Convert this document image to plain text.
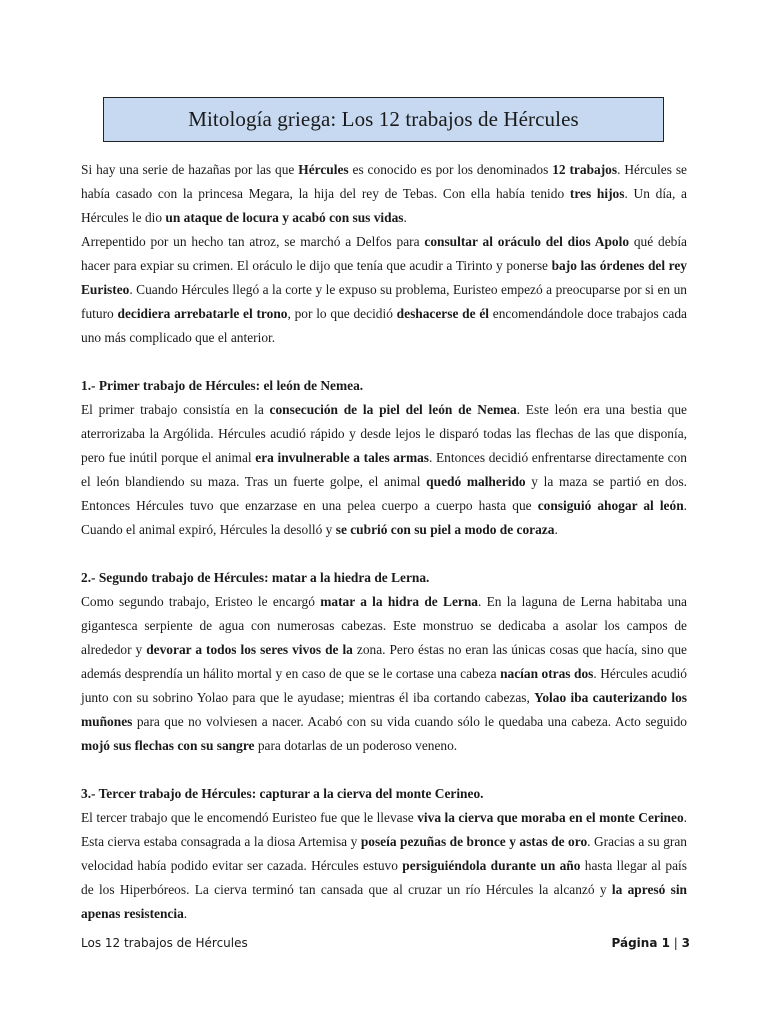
Mitología griega: Los 12 trabajos de Hércules

Si hay una serie de hazañas por las que Hércules es conocido es por los denominados 12 trabajos. Hércules se había casado con la princesa Megara, la hija del rey de Tebas. Con ella había tenido tres hijos. Un día, a Hércules le dio un ataque de locura y acabó con sus vidas.

Arrepentido por un hecho tan atroz, se marchó a Delfos para consultar al oráculo del dios Apolo qué debía hacer para expiar su crimen. El oráculo le dijo que tenía que acudir a Tirinto y ponerse bajo las órdenes del rey Euristeo. Cuando Hércules llegó a la corte y le expuso su problema, Euristeo empezó a preocuparse por si en un futuro decidiera arrebatarle el trono, por lo que decidió deshacerse de él encomendándole doce trabajos cada uno más complicado que el anterior.

1.- Primer trabajo de Hércules: el león de Nemea.

El primer trabajo consistía en la consecución de la piel del león de Nemea. Este león era una bestia que aterrorizaba la Argólida. Hércules acudió rápido y desde lejos le disparó todas las flechas de las que disponía, pero fue inútil porque el animal era invulnerable a tales armas. Entonces decidió enfrentarse directamente con el león blandiendo su maza. Tras un fuerte golpe, el animal quedó malherido y la maza se partió en dos. Entonces Hércules tuvo que enzarzase en una pelea cuerpo a cuerpo hasta que consiguió ahogar al león. Cuando el animal expiró, Hércules la desolló y se cubrió con su piel a modo de coraza.

2.- Segundo trabajo de Hércules: matar a la hiedra de Lerna.

Como segundo trabajo, Eristeo le encargó matar a la hidra de Lerna. En la laguna de Lerna habitaba una gigantesca serpiente de agua con numerosas cabezas. Este monstruo se dedicaba a asolar los campos de alrededor y devorar a todos los seres vivos de la zona. Pero éstas no eran las únicas cosas que hacía, sino que además desprendía un hálito mortal y en caso de que se le cortase una cabeza nacían otras dos. Hércules acudió junto con su sobrino Yolao para que le ayudase; mientras él iba cortando cabezas, Yolao iba cauterizando los muñones para que no volviesen a nacer. Acabó con su vida cuando sólo le quedaba una cabeza. Acto seguido mojó sus flechas con su sangre para dotarlas de un poderoso veneno.

3.- Tercer trabajo de Hércules: capturar a la cierva del monte Cerineo.

El tercer trabajo que le encomendó Euristeo fue que le llevase viva la cierva que moraba en el monte Cerineo. Esta cierva estaba consagrada a la diosa Artemisa y poseía pezuñas de bronce y astas de oro. Gracias a su gran velocidad había podido evitar ser cazada. Hércules estuvo persiguiéndola durante un año hasta llegar al país de los Hiperbóreos. La cierva terminó tan cansada que al cruzar un río Hércules la alcanzó y la apresó sin apenas resistencia.

Los 12 trabajos de Hércules	Página 1 | 3
